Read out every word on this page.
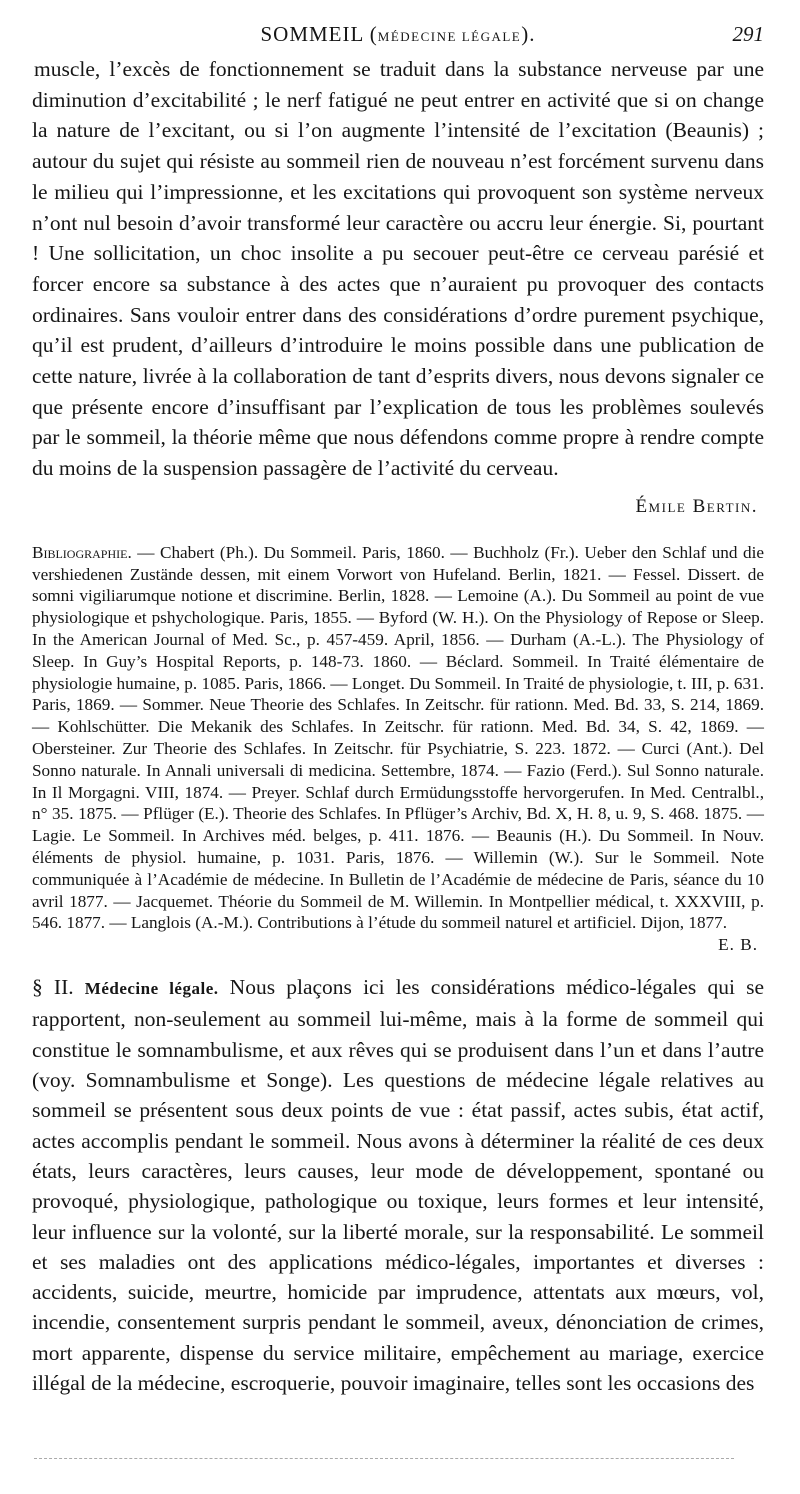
SOMMEIL (MÉDECINE LÉGALE).	291

muscle, l’excès de fonctionnement se traduit dans la substance nerveuse par une diminution d’excitabilité ; le nerf fatigué ne peut entrer en activité que si on change la nature de l’excitant, ou si l’on augmente l’intensité de l’excitation (Beaunis) ; autour du sujet qui résiste au sommeil rien de nouveau n’est forcément survenu dans le milieu qui l’impressionne, et les excitations qui provoquent son système nerveux n’ont nul besoin d’avoir transformé leur caractère ou accru leur énergie. Si, pourtant ! Une sollicitation, un choc insolite a pu secouer peut-être ce cerveau parésié et forcer encore sa substance à des actes que n’auraient pu provoquer des contacts ordinaires. Sans vouloir entrer dans des considérations d’ordre purement psychique, qu’il est prudent, d’ailleurs d’introduire le moins possible dans une publication de cette nature, livrée à la collaboration de tant d’esprits divers, nous devons signaler ce que présente encore d’insuffisant par l’explication de tous les problèmes soulevés par le sommeil, la théorie même que nous défendons comme propre à rendre compte du moins de la suspension passagère de l’activité du cerveau.

Émile Bertin.
Bibliographie. — Chabert (Ph.). Du Sommeil. Paris, 1860. — Buchholz (Fr.). Ueber den Schlaf und die vershiedenen Zustände dessen, mit einem Vorwort von Hufeland. Berlin, 1821. — Fessel. Dissert. de somni vigiliarumque notione et discrimine. Berlin, 1828. — Lemoine (A.). Du Sommeil au point de vue physiologique et pshychologique. Paris, 1855. — Byford (W. H.). On the Physiology of Repose or Sleep. In the American Journal of Med. Sc., p. 457-459. April, 1856. — Durham (A.-L.). The Physiology of Sleep. In Guy’s Hospital Reports, p. 148-73. 1860. — Béclard. Sommeil. In Traité élémentaire de physiologie humaine, p. 1085. Paris, 1866. — Longet. Du Sommeil. In Traité de physiologie, t. III, p. 631. Paris, 1869. — Sommer. Neue Theorie des Schlafes. In Zeitschr. für rationn. Med. Bd. 33, S. 214, 1869. — Kohlschütter. Die Mekanik des Schlafes. In Zeitschr. für rationn. Med. Bd. 34, S. 42, 1869. — Obersteiner. Zur Theorie des Schlafes. In Zeitschr. für Psychiatrie, S. 223. 1872. — Curci (Ant.). Del Sonno naturale. In Annali universali di medicina. Settembre, 1874. — Fazio (Ferd.). Sul Sonno naturale. In Il Morgagni. VIII, 1874. — Preyer. Schlaf durch Ermüdungsstoffe hervorgerufen. In Med. Centralbl., n° 35. 1875. — Pflüger (E.). Theorie des Schlafes. In Pflüger’s Archiv, Bd. X, H. 8, u. 9, S. 468. 1875. — Lagie. Le Sommeil. In Archives méd. belges, p. 411. 1876. — Beaunis (H.). Du Sommeil. In Nouv. éléments de physiol. humaine, p. 1031. Paris, 1876. — Willemin (W.). Sur le Sommeil. Note communiquée à l’Académie de médecine. In Bulletin de l’Académie de médecine de Paris, séance du 10 avril 1877. — Jacquemet. Théorie du Sommeil de M. Willemin. In Montpellier médical, t. XXXVIII, p. 546. 1877. — Langlois (A.-M.). Contributions à l’étude du sommeil naturel et artificiel. Dijon, 1877.
E. B.
§ II. Médecine légale. Nous plaçons ici les considérations médico-légales qui se rapportent, non-seulement au sommeil lui-même, mais à la forme de sommeil qui constitue le somnambulisme, et aux rêves qui se produisent dans l’un et dans l’autre (voy. Somnambulisme et Songe). Les questions de médecine légale relatives au sommeil se présentent sous deux points de vue : état passif, actes subis, état actif, actes accomplis pendant le sommeil. Nous avons à déterminer la réalité de ces deux états, leurs caractères, leurs causes, leur mode de développement, spontané ou provoqué, physiologique, pathologique ou toxique, leurs formes et leur intensité, leur influence sur la volonté, sur la liberté morale, sur la responsabilité. Le sommeil et ses maladies ont des applications médico-légales, importantes et diverses : accidents, suicide, meurtre, homicide par imprudence, attentats aux mœurs, vol, incendie, consentement surpris pendant le sommeil, aveux, dénonciation de crimes, mort apparente, dispense du service militaire, empêchement au mariage, exercice illégal de la médecine, escroquerie, pouvoir imaginaire, telles sont les occasions des
